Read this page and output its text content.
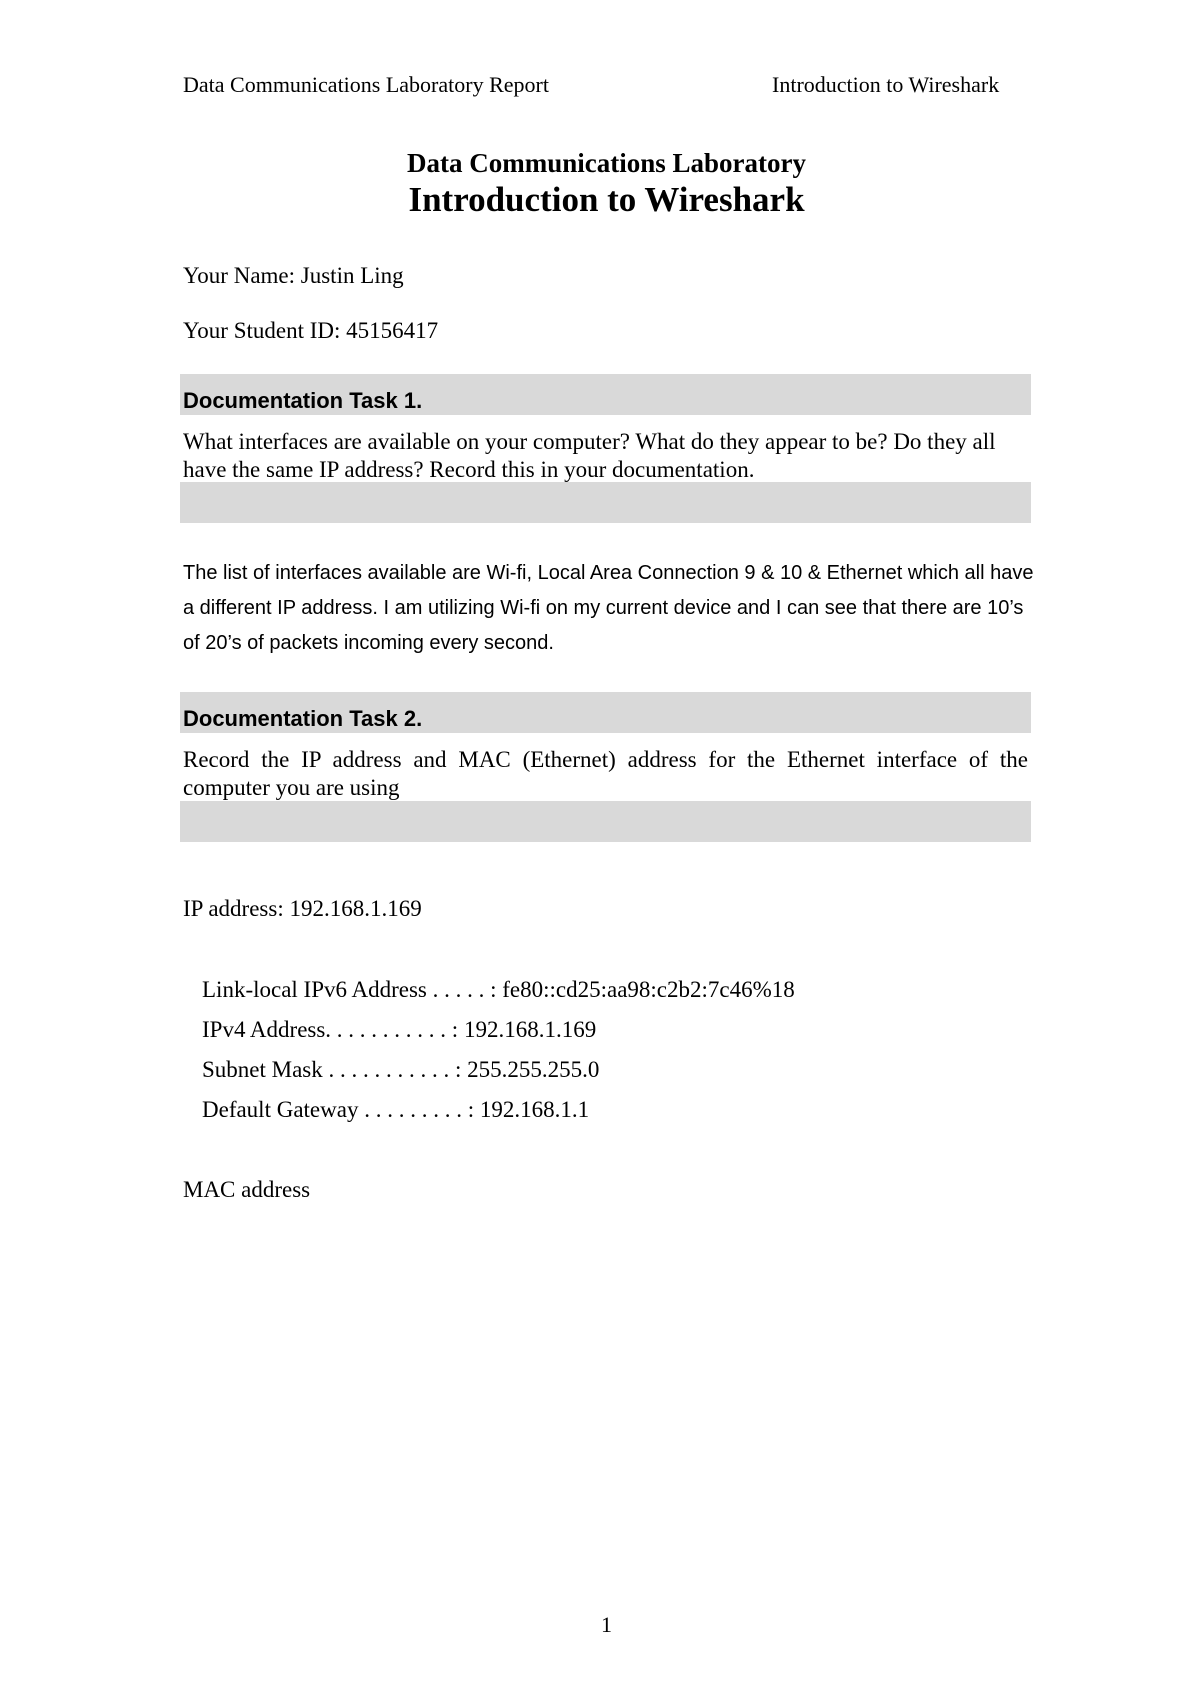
Data Communications Laboratory Report	Introduction to Wireshark
Data Communications Laboratory
Introduction to Wireshark
Your Name: Justin Ling
Your Student ID: 45156417
Documentation Task 1.
What interfaces are available on your computer? What do they appear to be? Do they all have the same IP address? Record this in your documentation.
The list of interfaces available are Wi-fi, Local Area Connection 9 & 10 & Ethernet which all have a different IP address. I am utilizing Wi-fi on my current device and I can see that there are 10’s of 20’s of packets incoming every second.
Documentation Task 2.
Record the IP address and MAC (Ethernet) address for the Ethernet interface of the computer you are using
IP address: 192.168.1.169
Link-local IPv6 Address . . . . . : fe80::cd25:aa98:c2b2:7c46%18
IPv4 Address. . . . . . . . . . . : 192.168.1.169
Subnet Mask . . . . . . . . . . . : 255.255.255.0
Default Gateway . . . . . . . . . : 192.168.1.1
MAC address
1
